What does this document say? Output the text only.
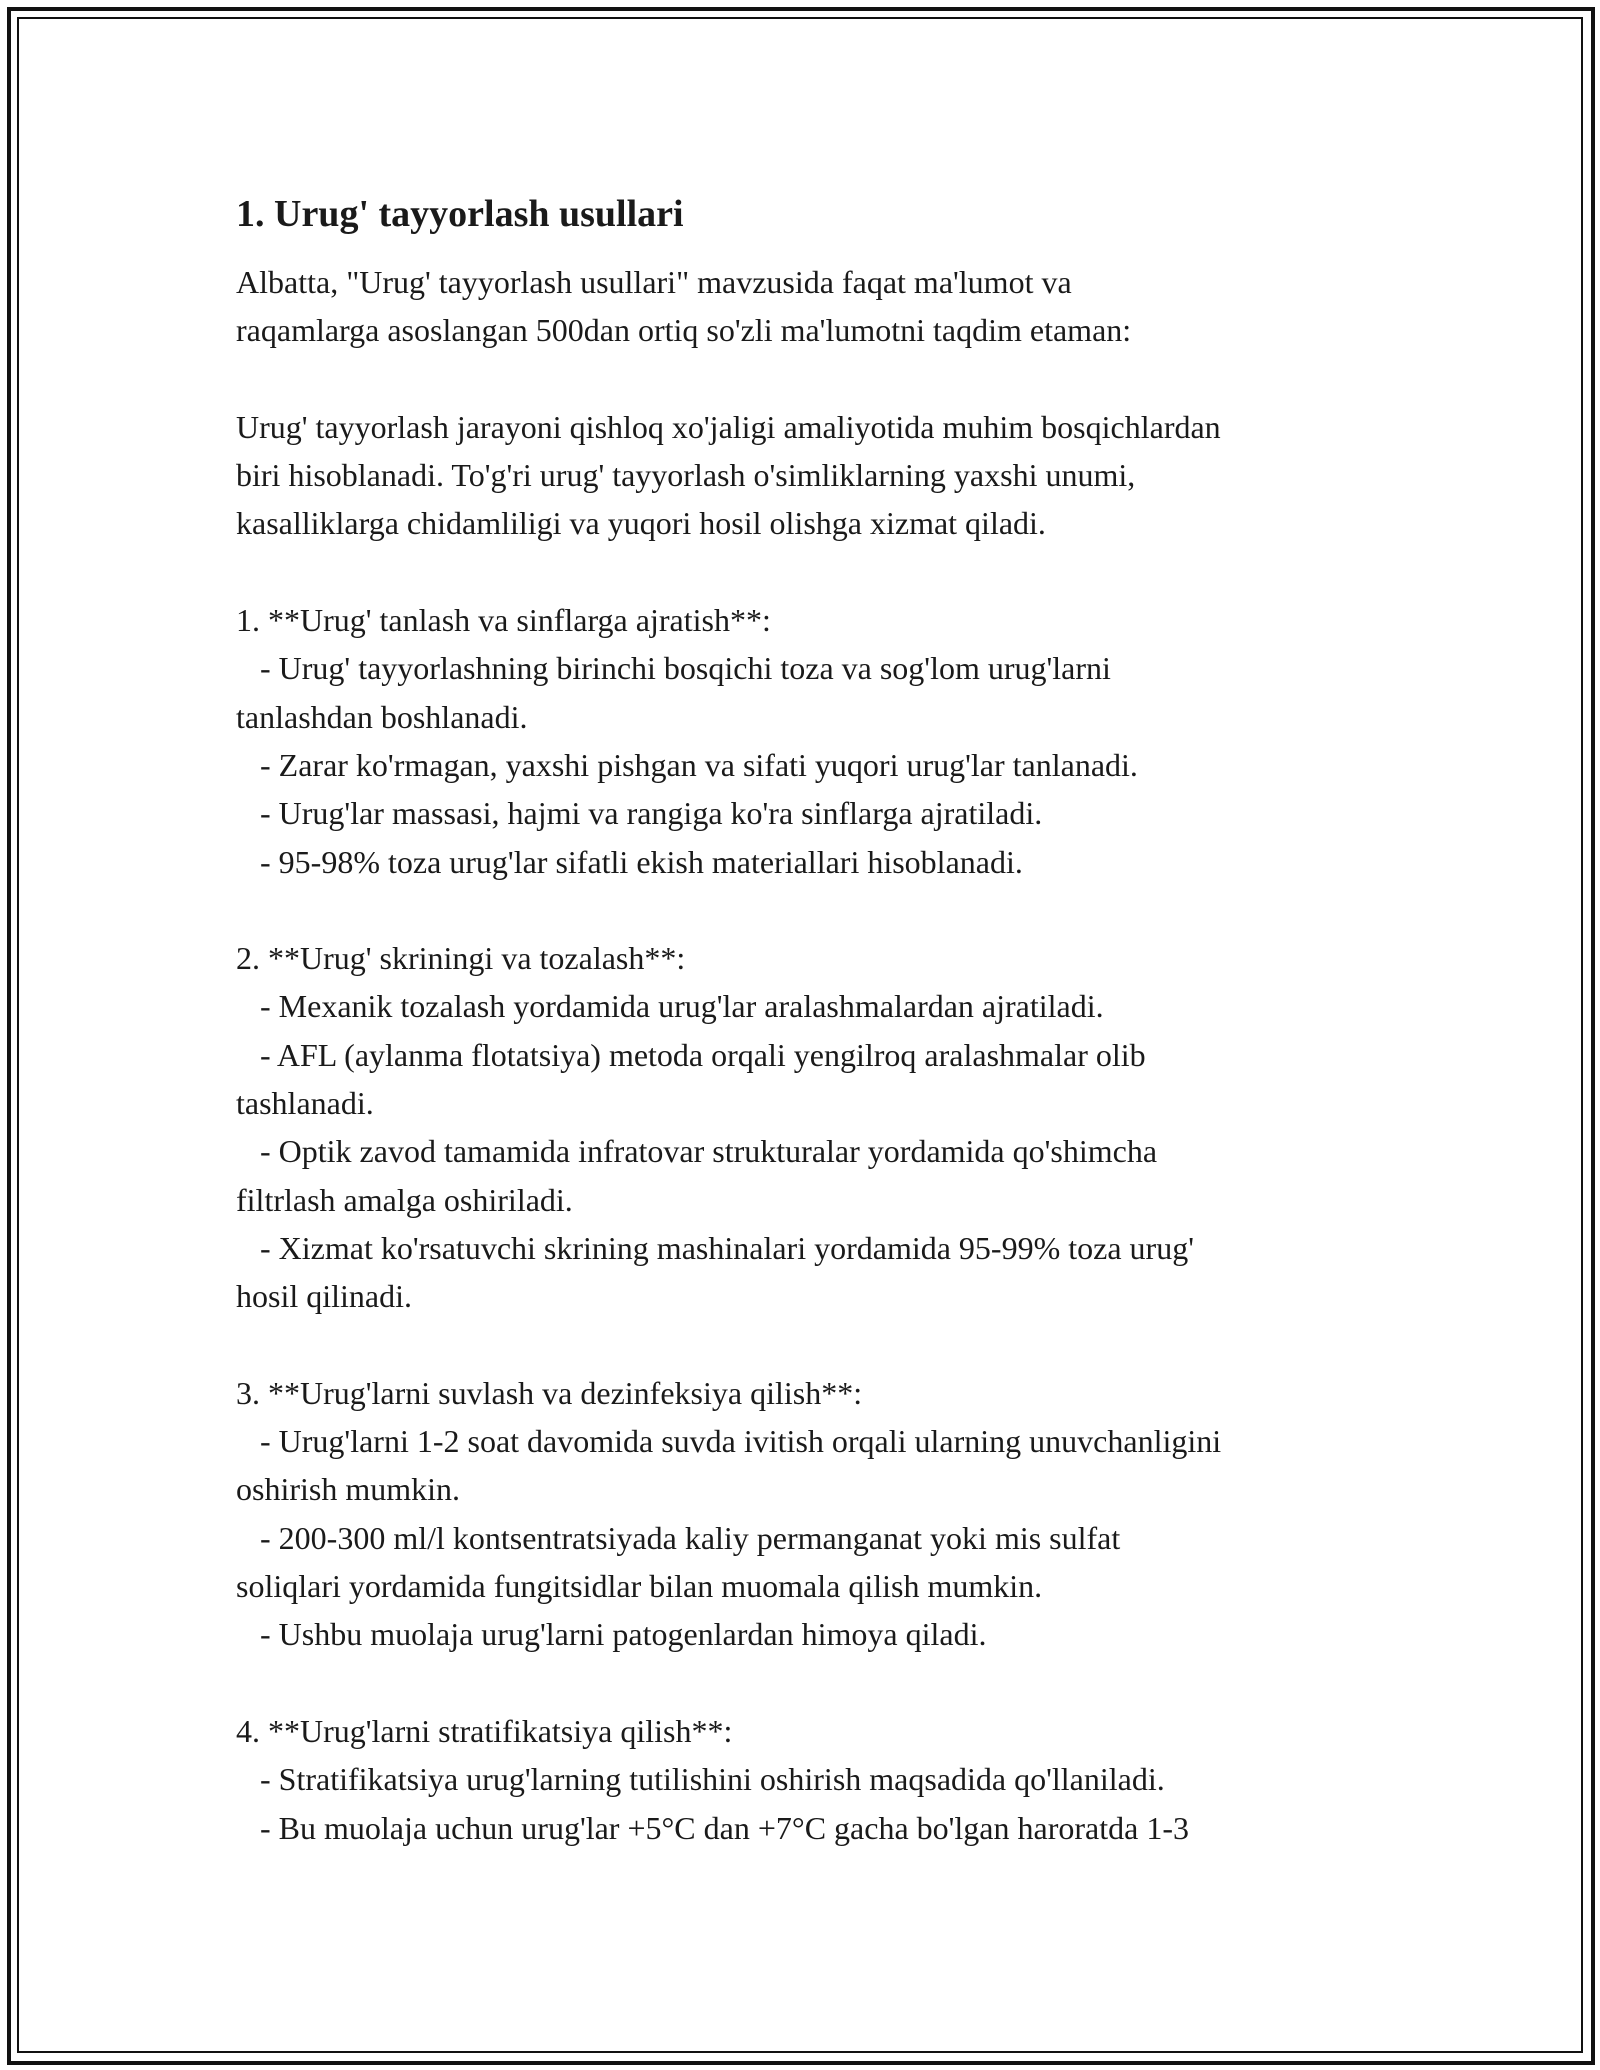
1. Urug' tayyorlash usullari

Albatta, "Urug' tayyorlash usullari" mavzusida faqat ma'lumot va

raqamlarga asoslangan 500dan ortiq so'zli ma'lumotni taqdim etaman:

Urug' tayyorlash jarayoni qishloq xo'jaligi amaliyotida muhim bosqichlardan

biri hisoblanadi. To'g'ri urug' tayyorlash o'simliklarning yaxshi unumi,

kasalliklarga chidamliligi va yuqori hosil olishga xizmat qiladi.

1. **Urug' tanlash va sinflarga ajratish**:

- Urug' tayyorlashning birinchi bosqichi toza va sog'lom urug'larni

tanlashdan boshlanadi.

- Zarar ko'rmagan, yaxshi pishgan va sifati yuqori urug'lar tanlanadi.

- Urug'lar massasi, hajmi va rangiga ko'ra sinflarga ajratiladi.

- 95-98% toza urug'lar sifatli ekish materiallari hisoblanadi.

2. **Urug' skriningi va tozalash**:

- Mexanik tozalash yordamida urug'lar aralashmalardan ajratiladi.

- AFL (aylanma flotatsiya) metoda orqali yengilroq aralashmalar olib

tashlanadi.

- Optik zavod tamamida infratovar strukturalar yordamida qo'shimcha

filtrlash amalga oshiriladi.

- Xizmat ko'rsatuvchi skrining mashinalari yordamida 95-99% toza urug'

hosil qilinadi.

3. **Urug'larni suvlash va dezinfeksiya qilish**:

- Urug'larni 1-2 soat davomida suvda ivitish orqali ularning unuvchanligini

oshirish mumkin.

- 200-300 ml/l kontsentratsiyada kaliy permanganat yoki mis sulfat

soliqlari yordamida fungitsidlar bilan muomala qilish mumkin.

- Ushbu muolaja urug'larni patogenlardan himoya qiladi.

4. **Urug'larni stratifikatsiya qilish**:

- Stratifikatsiya urug'larning tutilishini oshirish maqsadida qo'llaniladi.

- Bu muolaja uchun urug'lar +5°C dan +7°C gacha bo'lgan haroratda 1-3
